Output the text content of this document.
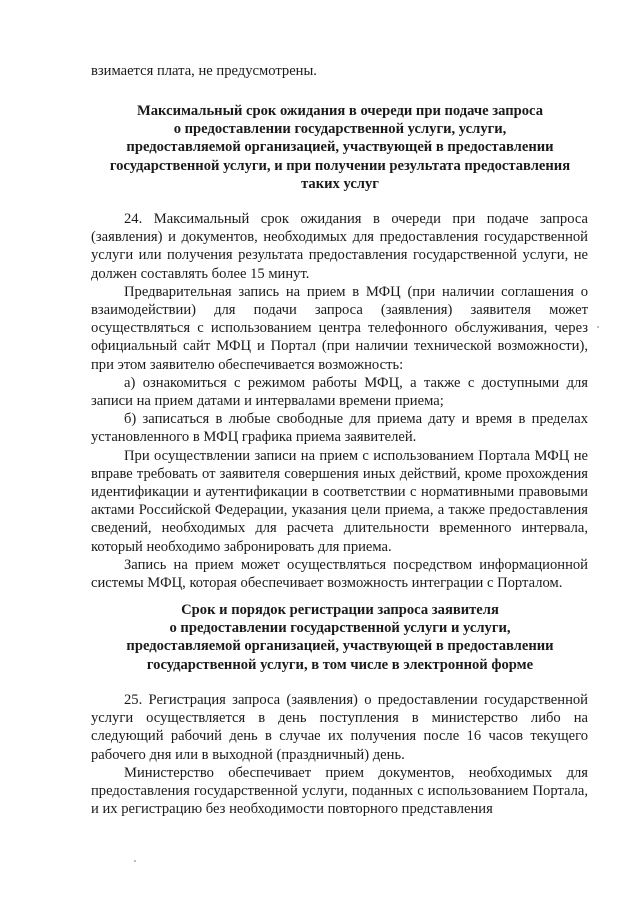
взимается плата, не предусмотрены.

Максимальный срок ожидания в очереди при подаче запроса
о предоставлении государственной услуги, услуги,
предоставляемой организацией, участвующей в предоставлении
государственной услуги, и при получении результата предоставления
таких услуг

24. Максимальный срок ожидания в очереди при подаче запроса (заявления) и документов, необходимых для предоставления государственной услуги или получения результата предоставления государственной услуги, не должен составлять более 15 минут.

Предварительная запись на прием в МФЦ (при наличии соглашения о взаимодействии) для подачи запроса (заявления) заявителя может осуществляться с использованием центра телефонного обслуживания, через официальный сайт МФЦ и Портал (при наличии технической возможности), при этом заявителю обеспечивается возможность:

а) ознакомиться с режимом работы МФЦ, а также с доступными для записи на прием датами и интервалами времени приема;

б) записаться в любые свободные для приема дату и время в пределах установленного в МФЦ графика приема заявителей.

При осуществлении записи на прием с использованием Портала МФЦ не вправе требовать от заявителя совершения иных действий, кроме прохождения идентификации и аутентификации в соответствии с нормативными правовыми актами Российской Федерации, указания цели приема, а также предоставления сведений, необходимых для расчета длительности временного интервала, который необходимо забронировать для приема.

Запись на прием может осуществляться посредством информационной системы МФЦ, которая обеспечивает возможность интеграции с Порталом.

Срок и порядок регистрации запроса заявителя
о предоставлении государственной услуги и услуги,
предоставляемой организацией, участвующей в предоставлении
государственной услуги, в том числе в электронной форме

25. Регистрация запроса (заявления) о предоставлении государственной услуги осуществляется в день поступления в министерство либо на следующий рабочий день в случае их получения после 16 часов текущего рабочего дня или в выходной (праздничный) день.

Министерство обеспечивает прием документов, необходимых для предоставления государственной услуги, поданных с использованием Портала, и их регистрацию без необходимости повторного представления
